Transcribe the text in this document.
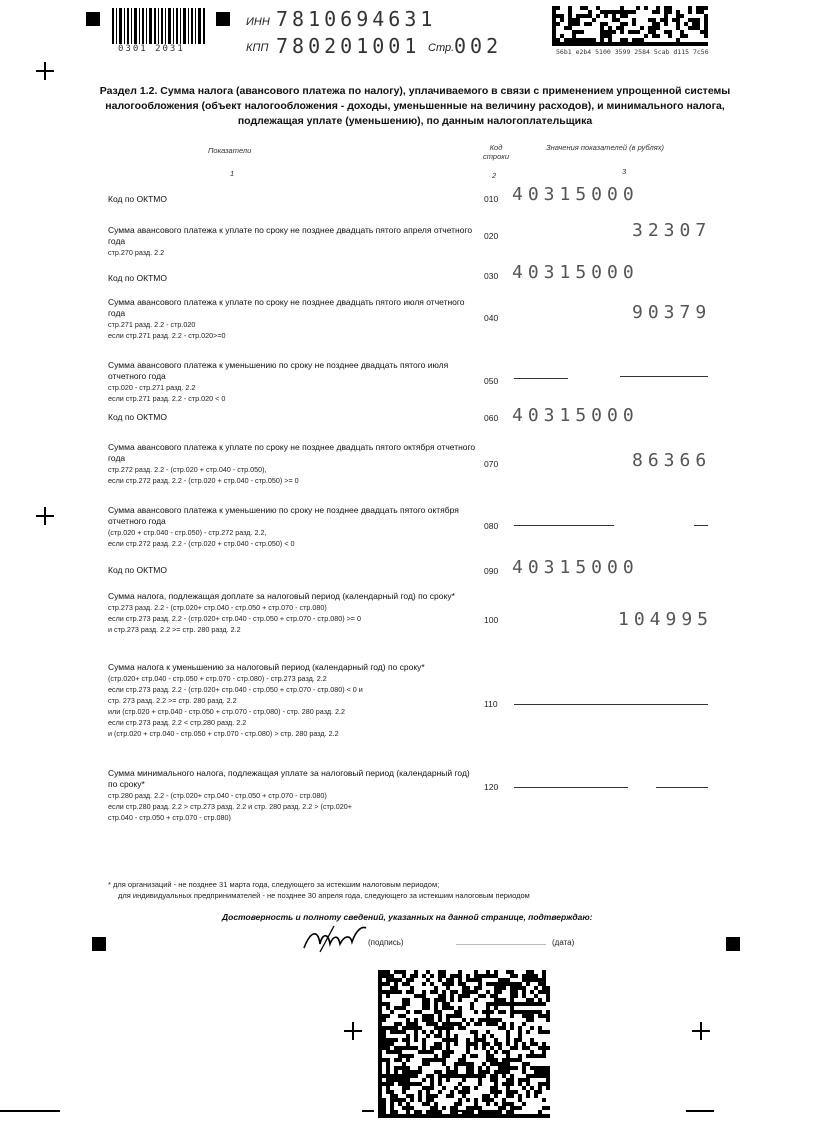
0301 2031
ИНН 7810694631
КПП 780201001 Стр. 002	56b1 e2b4 5100 3599 2584 5cab d115 7c56
Раздел 1.2. Сумма налога (авансового платежа по налогу), уплачиваемого в связи с применением упрощенной системы налогообложения (объект налогообложения - доходы, уменьшенные на величину расходов), и минимального налога, подлежащая уплате (уменьшению), по данным налогоплательщика
Показатели	Код строки
Значения показателей (в рублях)
1	2	3
Код по ОКТМО	010 40315000
Сумма авансового платежа к уплате по сроку не позднее двадцать пятого апреля отчетного года
стр.270 разд. 2.2
020	32307
Код по ОКТМО	030 40315000
Сумма авансового платежа к уплате по сроку не позднее двадцать пятого июля отчетного года
стр.271 разд. 2.2 - стр.020
если стр.271 разд. 2.2 - стр.020>=0
040	90379
Сумма авансового платежа к уменьшению по сроку не позднее двадцать пятого июля отчетного года
стр.020 - стр.271 разд. 2.2
если стр.271 разд. 2.2 - стр.020 < 0
050
Код по ОКТМО	060 40315000
Сумма авансового платежа к уплате по сроку не позднее двадцать пятого октября отчетного года
стр.272 разд. 2.2 - (стр.020 + стр.040 - стр.050),
если стр.272 разд. 2.2 - (стр.020 + стр.040 - стр.050) >= 0
070	86366
Сумма авансового платежа к уменьшению по сроку не позднее двадцать пятого октября отчетного года
(стр.020 + стр.040 - стр.050) - стр.272 разд. 2.2,
если стр.272 разд. 2.2 - (стр.020 + стр.040 - стр.050) < 0
080
Код по ОКТМО	090 40315000
Сумма налога, подлежащая доплате за налоговый период (календарный год) по сроку*
стр.273 разд. 2.2 - (стр.020+ стр.040 - стр.050 + стр.070 - стр.080)
если стр.273 разд. 2.2 - (стр.020+ стр.040 - стр.050 + стр.070 - стр.080) >= 0
и стр.273 разд. 2.2 >= стр. 280 разд. 2.2
100	104995
Сумма налога к уменьшению за налоговый период (календарный год) по сроку*
(стр.020+ стр.040 - стр.050 + стр.070 - стр.080) - стр.273 разд. 2.2
если стр.273 разд. 2.2 - (стр.020+ стр.040 - стр.050 + стр.070 - стр.080) < 0 и
стр. 273 разд. 2.2 >= стр. 280 разд. 2.2
или (стр.020 + стр.040 - стр.050 + стр.070 - стр.080) - стр. 280 разд. 2.2
если стр.273 разд. 2.2 < стр.280 разд. 2.2
и (стр.020 + стр.040 - стр.050 + стр.070 - стр.080) > стр. 280 разд. 2.2
110
Сумма минимального налога, подлежащая уплате за налоговый период (календарный год) по сроку*
стр.280 разд. 2.2 - (стр.020+ стр.040 - стр.050 + стр.070 - стр.080)
если стр.280 разд. 2.2 > стр.273 разд. 2.2 и стр. 280 разд. 2.2 > (стр.020+
стр.040 - стр.050 + стр.070 - стр.080)
120
* для организаций - не позднее 31 марта года, следующего за истекшим налоговым периодом;
для индивидуальных предпринимателей - не позднее 30 апреля года, следующего за истекшим налоговым периодом
Достоверность и полноту сведений, указанных на данной странице, подтверждаю:
(подпись)	(дата)
